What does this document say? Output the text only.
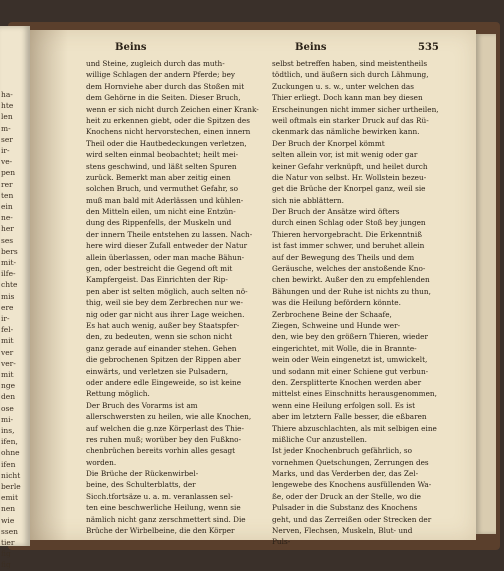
ha-
hte
len
m-
ser
ir-
ve-
pen
rer
ten
ein
ne-
her
ses
bers
mit-
ilfe-
chte
mis
ere
ir-
fel-
mit
ver
ver-
mit
nge
den
ose
mi-
ins,
ifen,
ohne
ifen
nicht
berle
emit
nen
wie
ssen
tier
fig
fig
Beins	Beins	535
und Steine, zugleich durch das muth-
willige Schlagen der andern Pferde; bey
dem Hornviehe aber durch das Stoßen mit
dem Gehörne in die Seiten. Dieser Bruch,
wenn er sich nicht durch Zeichen einer Krank-
heit zu erkennen giebt, oder die Spitzen des
Knochens nicht hervorstechen, einen innern
Theil oder die Hautbedeckungen verletzen,
wird selten einmal beobachtet; heilt mei-
stens geschwind, und läßt selten Spuren
zurück. Bemerkt man aber zeitig einen
solchen Bruch, und vermuthet Gefahr, so
muß man bald mit Aderlässen und kühlen-
den Mitteln eilen, um nicht eine Entzün-
dung des Rippenfells, der Muskeln und
der innern Theile entstehen zu lassen. Nach-
here wird dieser Zufall entweder der Natur
allein überlassen, oder man mache Bähun-
gen, oder bestreicht die Gegend oft mit
Kampfergeist. Das Einrichten der Rip-
pen aber ist selten möglich, auch selten nö-
thig, weil sie bey dem Zerbrechen nur we-
nig oder gar nicht aus ihrer Lage weichen.
Es hat auch wenig, außer bey Staatspfer-
den, zu bedeuten, wenn sie schon nicht
ganz gerade auf einander stehen. Gehen
die gebrochenen Spitzen der Rippen aber
einwärts, und verletzen sie Pulsadern,
oder andere edle Eingeweide, so ist keine
Rettung möglich.
Der Bruch des Vorarms ist am
allerschwersten zu heilen, wie alle Knochen,
auf welchen die g.nze Körperlast des Thie-
res ruhen muß; worüber bey den Fußkno-
chenbrüchen bereits vorhin alles gesagt
worden.
Die Brüche der Rückenwirbel-
beine, des Schulterblatts, der
Sicch.tfortsäze u. a. m. veranlassen sel-
ten eine beschwerliche Heilung, wenn sie
nämlich nicht ganz zerschmettert sind. Die
Brüche der Wirbelbeine, die den Körper
selbst betreffen haben, sind meistentheils
tödtlich, und äußern sich durch Lähmung,
Zuckungen u. s. w., unter welchen das
Thier erliegt. Doch kann man bey diesen
Erscheinungen nicht immer sicher urtheilen,
weil oftmals ein starker Druck auf das Rü-
ckenmark das nämliche bewirken kann.
Der Bruch der Knorpel kömmt
selten allein vor, ist mit wenig oder gar
keiner Gefahr verknüpft, und heilet durch
die Natur von selbst. Hr. Wollstein bezeu-
get die Brüche der Knorpel ganz, weil sie
sich nie abblättern.
Der Bruch der Ansätze wird öfters
durch einen Schlag oder Stoß bey jungen
Thieren hervorgebracht. Die Erkenntniß
ist fast immer schwer, und beruhet allein
auf der Bewegung des Theils und dem
Geräusche, welches der anstoßende Kno-
chen bewirkt. Außer den zu empfehlenden
Bähungen und der Ruhe ist nichts zu thun,
was die Heilung befördern könnte.
Zerbrochene Beine der Schaafe,
Ziegen, Schweine und Hunde wer-
den, wie bey den größern Thieren, wieder
eingerichtet, mit Wolle, die in Brannte-
wein oder Wein eingenetzt ist, umwickelt,
und sodann mit einer Schiene gut verbun-
den. Zersplitterte Knochen werden aber
mittelst eines Einschnitts herausgenommen,
wenn eine Heilung erfolgen soll. Es ist
aber im letztern Falle besser, die eßbaren
Thiere abzuschlachten, als mit selbigen eine
mißliche Cur anzustellen.
Ist jeder Knochenbruch gefährlich, so
vornehmen Quetschungen, Zerrungen des
Marks, und das Verderben der, das Zel-
lengewebe des Knochens ausfüllenden Wa-
ße, oder der Druck an der Stelle, wo die
Pulsader in die Substanz des Knochens
geht, und das Zerreißen oder Strecken der
Nerven, Flechsen, Muskeln, Blut- und
Puls-
